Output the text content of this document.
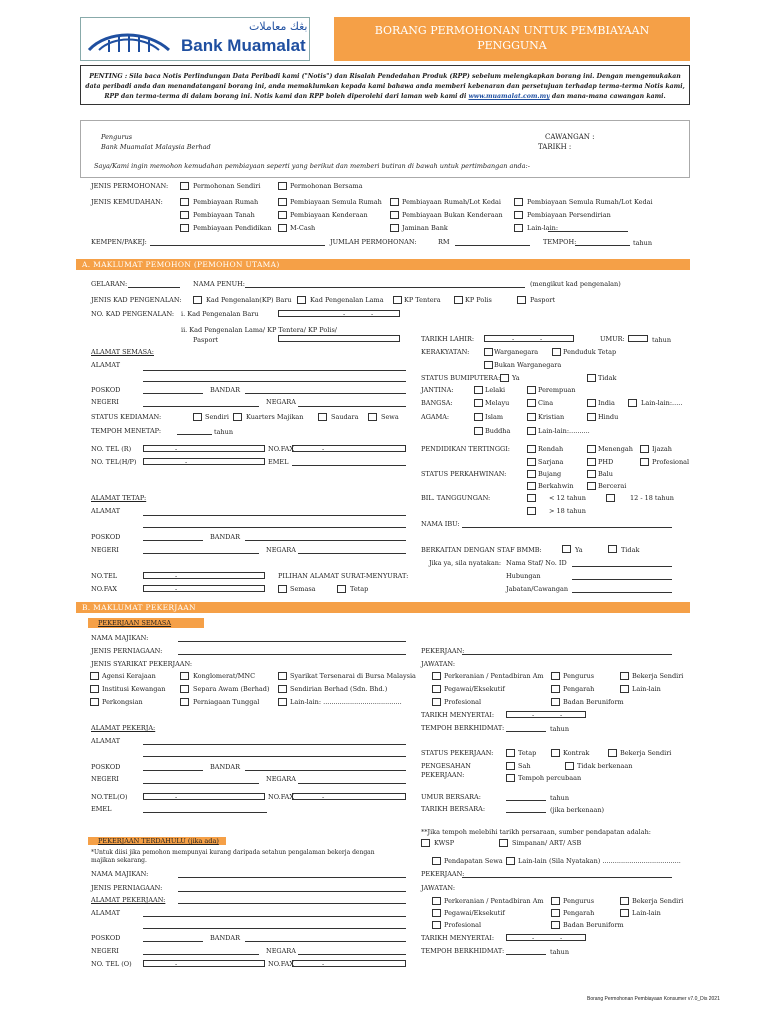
بڠك معاملات
Bank Muamalat
BORANG PERMOHONAN UNTUK PEMBIAYAAN
PENGGUNA
PENTING : Sila baca Notis Perlindungan Data Peribadi kami ("Notis") dan Risalah Pendedahan Produk (RPP) sebelum melengkapkan borang ini. Dengan mengemukakan
data peribadi anda dan menandatangani borang ini, anda memaklumkan kepada kami bahawa anda memberi kebenaran dan persetujuan terhadap terma-terma Notis kami,
RPP dan terma-terma di dalam borang ini. Notis kami dan RPP boleh diperolehi dari laman web kami di www.muamalat.com.my dan mana-mana cawangan kami.
Pengurus
Bank Muamalat Malaysia Berhad
CAWANGAN :
TARIKH :
Saya/Kami ingin memohon kemudahan pembiayaan seperti yang berikut dan memberi butiran di bawah untuk pertimbangan anda:-
JENIS PERMOHONAN:	Permohonan Sendiri	Permohonan Bersama
JENIS KEMUDAHAN:	Pembiayaan Rumah	Pembiayaan Semula Rumah	Pembiayaan Rumah/Lot Kedai	Pembiayaan Semula Rumah/Lot Kedai
Pembiayaan Tanah	Pembiayaan Kenderaan	Pembiayaan Bukan Kenderaan	Pembiayaan Persendirian
Pembiayaan Pendidikan	M-Cash	Jaminan Bank	Lain-lain:
KEMPEN/PAKEJ:	JUMLAH PERMOHONAN:	RM	TEMPOH:	tahun
A. MAKLUMAT PEMOHON (PEMOHON UTAMA)
GELARAN:	NAMA PENUH:	(mengikut kad pengenalan)
JENIS KAD PENGENALAN:	Kad Pengenalan(KP) Baru	Kad Pengenalan Lama	KP Tentera	KP Polis	Pasport
NO. KAD PENGENALAN: i. Kad Pengenalan Baru	-	-
ii. Kad Pengenalan Lama/ KP Tentera/ KP Polis/
Pasport	TARIKH LAHIR:	-	-	UMUR:	tahun
ALAMAT SEMASA:	KERAKYATAN:	Warganegara	Penduduk Tetap
ALAMAT	Bukan Warganegara
STATUS BUMIPUTERA: Ya	Tidak
POSKOD	BANDAR	JANTINA:	Lelaki	Perempuan
NEGERI	NEGARA	BANGSA:	Melayu	Cina	India	Lain-lain:.....
STATUS KEDIAMAN:	Sendiri	Kuarters Majikan	Saudara	Sewa	AGAMA:	Islam	Kristian	Hindu
TEMPOH MENETAP:	tahun	Buddha	Lain-lain:..........
NO. TEL (R)	-	NO.FAX	-	PENDIDIKAN TERTINGGI:	Rendah	Menengah	Ijazah
NO. TEL(H/P)	-	EMEL	Sarjana	PHD	Profesional
STATUS PERKAHWINAN:	Bujang	Balu
Berkahwin	Bercerai
ALAMAT TETAP:	BIL. TANGGUNGAN:	< 12 tahun	12 - 18 tahun
ALAMAT	> 18 tahun
NAMA IBU:
POSKOD	BANDAR
NEGERI	NEGARA	BERKAITAN DENGAN STAF BMMB:	Ya	Tidak
Jika ya, sila nyatakan: Nama Staf/ No. ID
NO.TEL	-	PILIHAN ALAMAT SURAT-MENYURAT:	Hubungan
NO.FAX	-	Semasa	Tetap	Jabatan/Cawangan
B. MAKLUMAT PEKERJAAN
PEKERJAAN SEMASA
NAMA MAJIKAN:
JENIS PERNIAGAAN:	PEKERJAAN:
JENIS SYARIKAT PEKERJAAN:	JAWATAN:
Agensi Kerajaan	Konglomerat/MNC	Syarikat Tersenarai di Bursa Malaysia
Institusi Kewangan	Separa Awam (Berhad)	Sendirian Berhad (Sdn. Bhd.)
Perkongsian	Perniagaan Tunggal	Lain-lain: ......................................
Perkeranian / Pentadbiran Am	Pengurus	Bekerja Sendiri
Pegawai/Eksekutif	Pengarah	Lain-lain
Profesional	Badan Beruniform
TARIKH MENYERTAI:	-	-
ALAMAT PEKERJA:	TEMPOH BERKHIDMAT:	tahun
ALAMAT
STATUS PEKERJAAN:	Tetap	Kontrak	Bekerja Sendiri
POSKOD	BANDAR	PENGESAHAN
PEKERJAAN:
Sah	Tidak berkenaan
Tempoh percubaan
NEGERI	NEGARA
NO.TEL(O)	-	NO.FAX	-	UMUR BERSARA:	tahun
EMEL	TARIKH BERSARA:	(jika berkenaan)
PEKERJAAN TERDAHULU (jika ada)
*Untuk diisi jika pemohon mempunyai kurang daripada setahun pengalaman bekerja dengan
majikan sekarang.
**Jika tempoh melebihi tarikh persaraan, sumber pendapatan adalah:
KWSP	Simpanan/ ART/ ASB
Pendapatan Sewa Lain-lain (Sila Nyatakan) ......................................
NAMA MAJIKAN:	PEKERJAAN:
JENIS PERNIAGAAN:	JAWATAN:
ALAMAT PEKERJAAN:
ALAMAT
Perkeranian / Pentadbiran Am	Pengurus	Bekerja Sendiri
Pegawai/Eksekutif	Pengarah	Lain-lain
Profesional	Badan Beruniform
POSKOD	BANDAR	TARIKH MENYERTAI:	-	-
NEGERI	NEGARA	TEMPOH BERKHIDMAT:	tahun
NO. TEL (O)	-	NO.FAX	-
Borang Permohonan Pembiayaan Konsumer v7.0_Dis 2021
